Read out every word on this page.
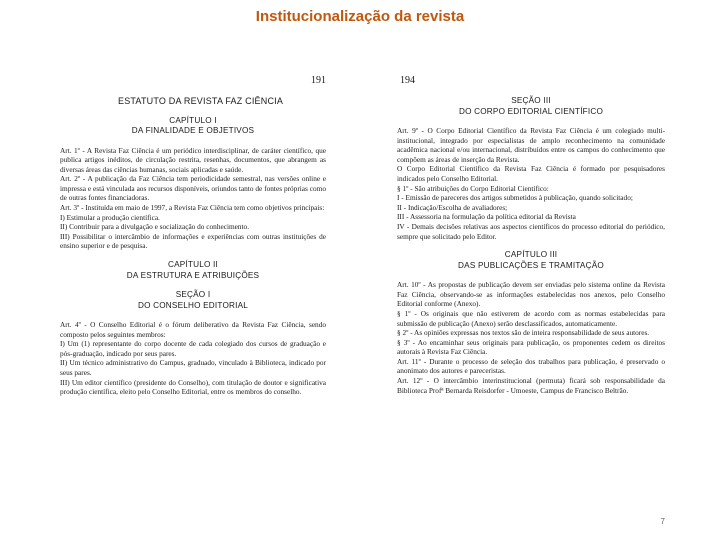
Institucionalização da revista
191
ESTATUTO DA REVISTA FAZ CIÊNCIA
CAPÍTULO I
DA FINALIDADE E OBJETIVOS

Art. 1º - A Revista Faz Ciência é um periódico interdisciplinar, de caráter científico, que publica artigos inéditos, de circulação restrita, resenhas, documentos, que abrangem as diversas áreas das ciências humanas, sociais aplicadas e saúde.

Art. 2º - A publicação da Faz Ciência tem periodicidade semestral, nas versões online e impressa e está vinculada aos recursos disponíveis, oriundos tanto de fontes próprias como de outras fontes financiadoras.

Art. 3º - Instituída em maio de 1997, a Revista Faz Ciência tem como objetivos principais:

I) Estimular a produção científica.

II) Contribuir para a divulgação e socialização do conhecimento.

III) Possibilitar o intercâmbio de informações e experiências com outras instituições de ensino superior e de pesquisa.

CAPÍTULO II
DA ESTRUTURA E ATRIBUIÇÕES
SEÇÃO I
DO CONSELHO EDITORIAL

Art. 4º - O Conselho Editorial é o fórum deliberativo da Revista Faz Ciência, sendo composto pelos seguintes membros:

I) Um (1) representante do corpo docente de cada colegiado dos cursos de graduação e pós-graduação, indicado por seus pares.

II) Um técnico administrativo do Campus, graduado, vinculado à Biblioteca, indicado por seus pares.

III) Um editor científico (presidente do Conselho), com titulação de doutor e significativa produção científica, eleito pelo Conselho Editorial, entre os membros do conselho.

194
SEÇÃO III
DO CORPO EDITORIAL CIENTÍFICO

Art. 9º - O Corpo Editorial Científico da Revista Faz Ciência é um colegiado multi-institucional, integrado por especialistas de amplo reconhecimento na comunidade acadêmica nacional e/ou internacional, distribuídos entre os campos do conhecimento que compõem as áreas de inserção da Revista.

O Corpo Editorial Científico da Revista Faz Ciência é formado por pesquisadores indicados pelo Conselho Editorial.

§ 1º - São atribuições do Corpo Editorial Científico:

I - Emissão de pareceres dos artigos submetidos à publicação, quando solicitado;

II - Indicação/Escolha de avaliadores;

III - Assessoria na formulação da política editorial da Revista

IV - Demais decisões relativas aos aspectos científicos do processo editorial do periódico, sempre que solicitado pelo Editor.

CAPÍTULO III
DAS PUBLICAÇÕES E TRAMITAÇÃO

Art. 10º - As propostas de publicação devem ser enviadas pelo sistema online da Revista Faz Ciência, observando-se as informações estabelecidas nos anexos, pelo Conselho Editorial conforme (Anexo).

§ 1º - Os originais que não estiverem de acordo com as normas estabelecidas para submissão de publicação (Anexo) serão desclassificados, automaticamente.

§ 2º - As opiniões expressas nos textos são de inteira responsabilidade de seus autores.

§ 3º - Ao encaminhar seus originais para publicação, os proponentes cedem os direitos autorais à Revista Faz Ciência.

Art. 11º - Durante o processo de seleção dos trabalhos para publicação, é preservado o anonimato dos autores e pareceristas.

Art. 12º - O intercâmbio interinstitucional (permuta) ficará sob responsabilidade da Biblioteca Profª Bernarda Reisdorfer - Umoeste, Campus de Francisco Beltrão.

7
